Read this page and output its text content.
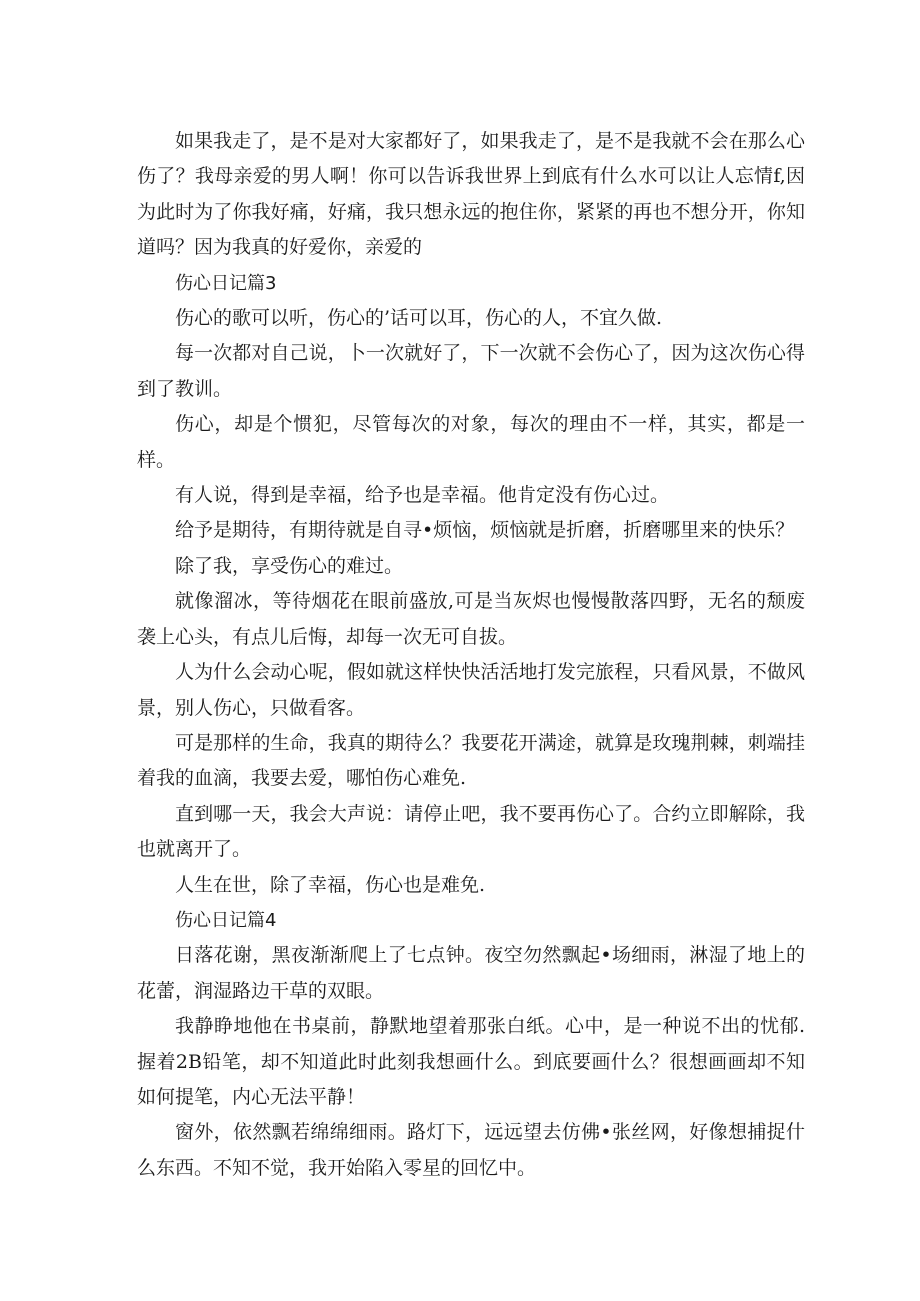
如果我走了，是不是对大家都好了，如果我走了，是不是我就不会在那么心伤了？我母亲爱的男人啊！你可以告诉我世界上到底有什么水可以让人忘情f,因为此时为了你我好痛，好痛，我只想永远的抱住你，紧紧的再也不想分开，你知道吗？因为我真的好爱你，亲爱的

伤心日记篇3

伤心的歌可以听，伤心的’话可以耳，伤心的人，不宜久做.

每一次都对自己说，卜一次就好了，下一次就不会伤心了，因为这次伤心得到了教训。

伤心，却是个惯犯，尽管每次的对象，每次的理由不一样，其实，都是一样。

有人说，得到是幸福，给予也是幸福。他肯定没有伤心过。

给予是期待，有期待就是自寻•烦恼，烦恼就是折磨，折磨哪里来的快乐？

除了我，享受伤心的难过。

就像溜冰，等待烟花在眼前盛放,可是当灰烬也慢慢散落四野，无名的颓废袭上心头，有点儿后悔，却每一次无可自拔。

人为什么会动心呢，假如就这样快快活活地打发完旅程，只看风景，不做风景，别人伤心，只做看客。

可是那样的生命，我真的期待么？我要花开满途，就算是玫瑰荆棘，刺端挂着我的血滴，我要去爱，哪怕伤心难免.

直到哪一天，我会大声说：请停止吧，我不要再伤心了。合约立即解除，我也就离开了。

人生在世，除了幸福，伤心也是难免.

伤心日记篇4

日落花谢，黑夜渐渐爬上了七点钟。夜空勿然飘起•场细雨，淋湿了地上的花蕾，润湿路边干草的双眼。

我静睁地他在书桌前，静默地望着那张白纸。心中，是一种说不出的忧郁.握着2B铅笔，却不知道此时此刻我想画什么。到底要画什么？很想画画却不知如何提笔，内心无法平静！

窗外，依然飘若绵绵细雨。路灯下，远远望去仿佛•张丝网，好像想捕捉什么东西。不知不觉，我开始陷入零星的回忆中。
